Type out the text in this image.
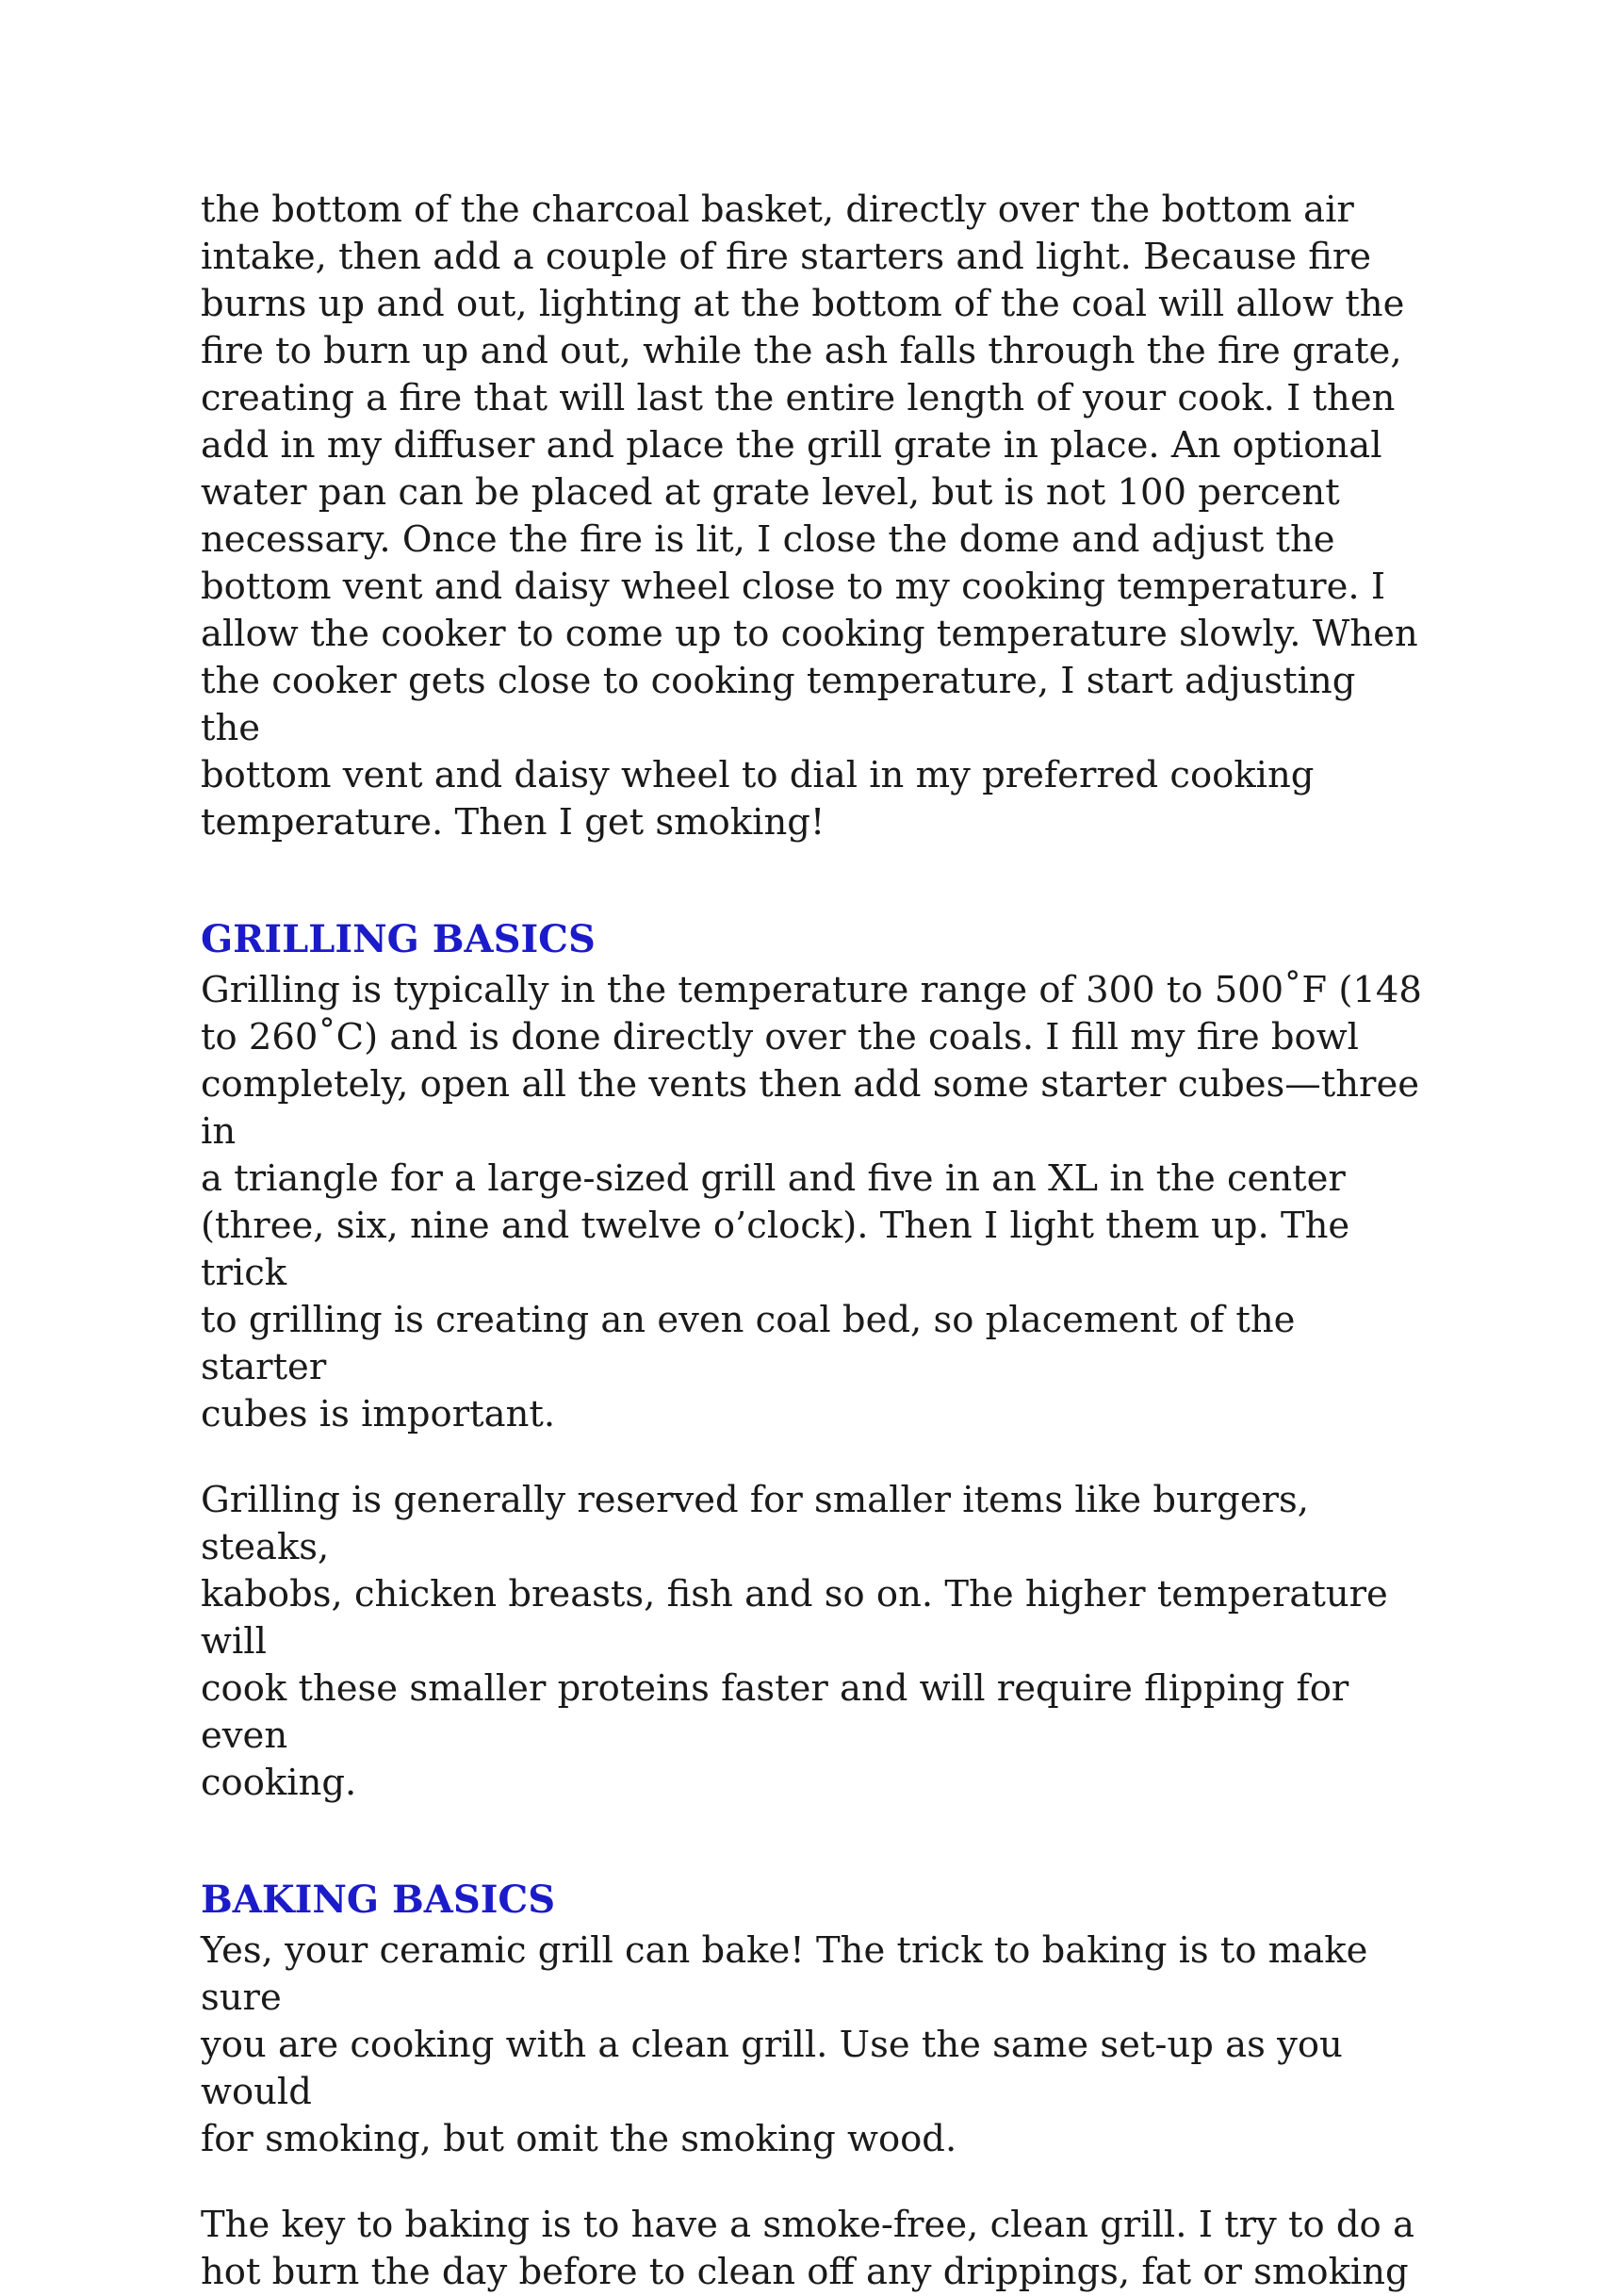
the bottom of the charcoal basket, directly over the bottom air
intake, then add a couple of fire starters and light. Because fire
burns up and out, lighting at the bottom of the coal will allow the
fire to burn up and out, while the ash falls through the fire grate,
creating a fire that will last the entire length of your cook. I then
add in my diffuser and place the grill grate in place. An optional
water pan can be placed at grate level, but is not 100 percent
necessary. Once the fire is lit, I close the dome and adjust the
bottom vent and daisy wheel close to my cooking temperature. I
allow the cooker to come up to cooking temperature slowly. When
the cooker gets close to cooking temperature, I start adjusting the
bottom vent and daisy wheel to dial in my preferred cooking
temperature. Then I get smoking!

GRILLING BASICS

Grilling is typically in the temperature range of 300 to 500˚F (148
to 260˚C) and is done directly over the coals. I fill my fire bowl
completely, open all the vents then add some starter cubes—three in
a triangle for a large-sized grill and five in an XL in the center
(three, six, nine and twelve o’clock). Then I light them up. The trick
to grilling is creating an even coal bed, so placement of the starter
cubes is important.

Grilling is generally reserved for smaller items like burgers, steaks,
kabobs, chicken breasts, fish and so on. The higher temperature will
cook these smaller proteins faster and will require flipping for even
cooking.

BAKING BASICS

Yes, your ceramic grill can bake! The trick to baking is to make sure
you are cooking with a clean grill. Use the same set-up as you would
for smoking, but omit the smoking wood.

The key to baking is to have a smoke-free, clean grill. I try to do a
hot burn the day before to clean off any drippings, fat or smoking
